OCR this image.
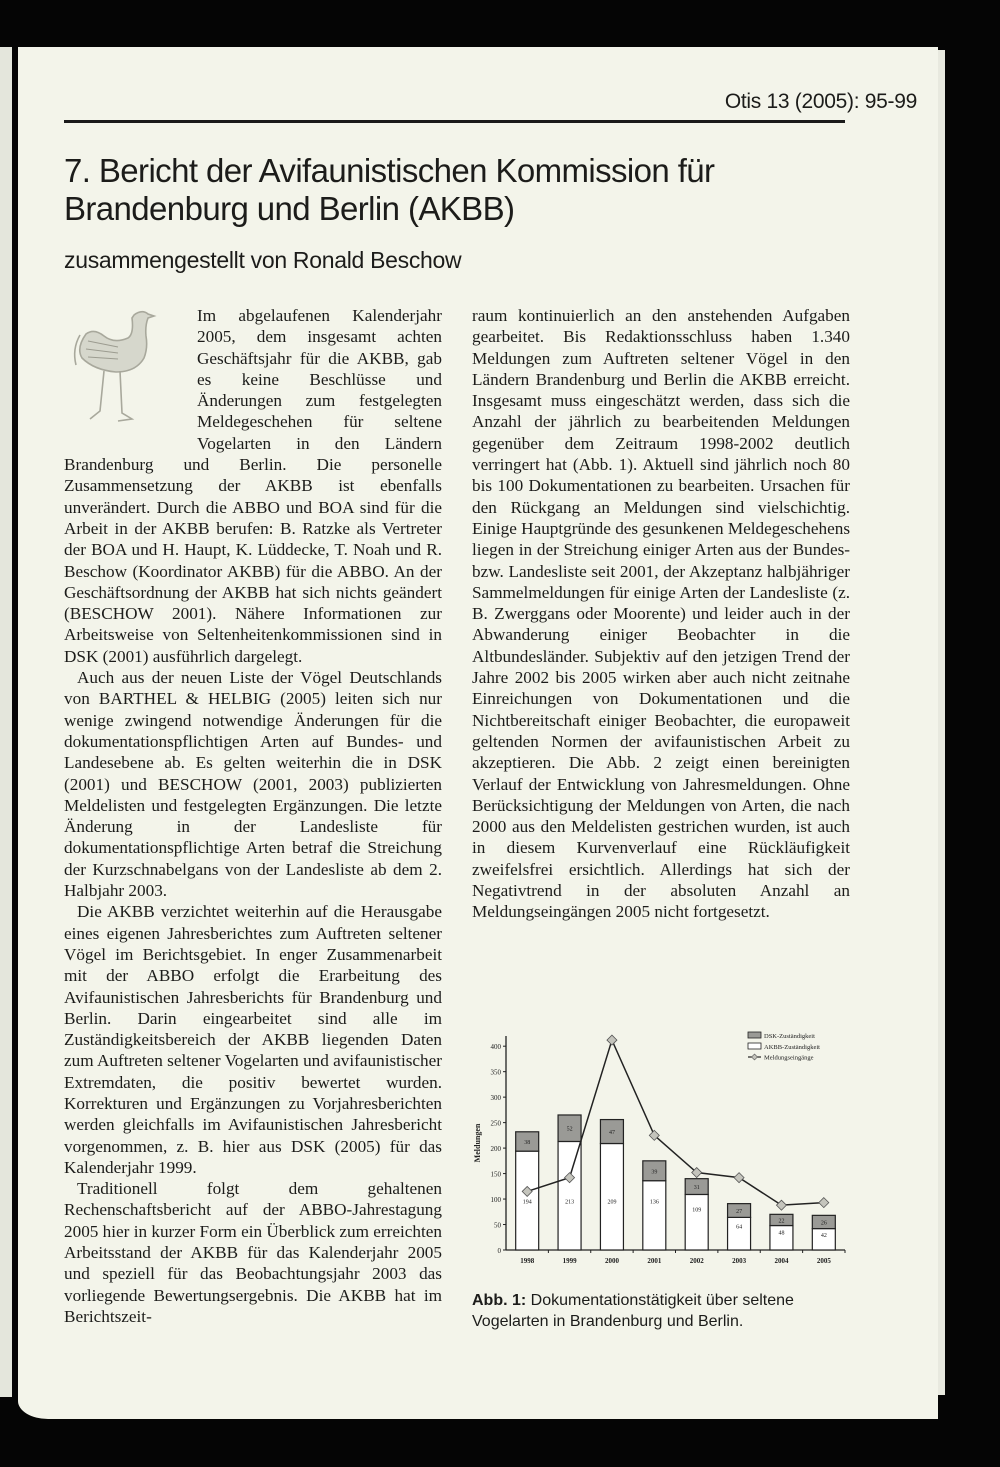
Otis 13 (2005): 95-99
7. Bericht der Avifaunistischen Kommission für Brandenburg und Berlin (AKBB)
zusammengestellt von Ronald Beschow

Im abgelaufenen Kalenderjahr 2005, dem insgesamt achten Geschäftsjahr für die AKBB, gab es keine Beschlüsse und Änderungen zum festgelegten Meldegeschehen für seltene Vogelarten in den Ländern Brandenburg und Berlin. Die personelle Zusammensetzung der AKBB ist ebenfalls unverändert. Durch die ABBO und BOA sind für die Arbeit in der AKBB berufen: B. Ratzke als Vertreter der BOA und H. Haupt, K. Lüddecke, T. Noah und R. Beschow (Koordinator AKBB) für die ABBO. An der Geschäftsordnung der AKBB hat sich nichts geändert (BESCHOW 2001). Nähere Informationen zur Arbeitsweise von Seltenheitenkommissionen sind in DSK (2001) ausführlich dargelegt.

Auch aus der neuen Liste der Vögel Deutschlands von BARTHEL & HELBIG (2005) leiten sich nur wenige zwingend notwendige Änderungen für die dokumentationspflichtigen Arten auf Bundes- und Landesebene ab. Es gelten weiterhin die in DSK (2001) und BESCHOW (2001, 2003) publizierten Meldelisten und festgelegten Ergänzungen. Die letzte Änderung in der Landesliste für dokumentationspflichtige Arten betraf die Streichung der Kurzschnabelgans von der Landesliste ab dem 2. Halbjahr 2003.

Die AKBB verzichtet weiterhin auf die Herausgabe eines eigenen Jahresberichtes zum Auftreten seltener Vögel im Berichtsgebiet. In enger Zusammenarbeit mit der ABBO erfolgt die Erarbeitung des Avifaunistischen Jahresberichts für Brandenburg und Berlin. Darin eingearbeitet sind alle im Zuständigkeitsbereich der AKBB liegenden Daten zum Auftreten seltener Vogelarten und avifaunistischer Extremdaten, die positiv bewertet wurden. Korrekturen und Ergänzungen zu Vorjahresberichten werden gleichfalls im Avifaunistischen Jahresbericht vorgenommen, z. B. hier aus DSK (2005) für das Kalenderjahr 1999.

Traditionell folgt dem gehaltenen Rechenschaftsbericht auf der ABBO-Jahrestagung 2005 hier in kurzer Form ein Überblick zum erreichten Arbeitsstand der AKBB für das Kalenderjahr 2005 und speziell für das Beobachtungsjahr 2003 das vorliegende Bewertungsergebnis. Die AKBB hat im Berichtszeit-

raum kontinuierlich an den anstehenden Aufgaben gearbeitet. Bis Redaktionsschluss haben 1.340 Meldungen zum Auftreten seltener Vögel in den Ländern Brandenburg und Berlin die AKBB erreicht. Insgesamt muss eingeschätzt werden, dass sich die Anzahl der jährlich zu bearbeitenden Meldungen gegenüber dem Zeitraum 1998-2002 deutlich verringert hat (Abb. 1). Aktuell sind jährlich noch 80 bis 100 Dokumentationen zu bearbeiten. Ursachen für den Rückgang an Meldungen sind vielschichtig. Einige Hauptgründe des gesunkenen Meldegeschehens liegen in der Streichung einiger Arten aus der Bundes- bzw. Landesliste seit 2001, der Akzeptanz halbjähriger Sammelmeldungen für einige Arten der Landesliste (z. B. Zwerggans oder Moorente) und leider auch in der Abwanderung einiger Beobachter in die Altbundesländer. Subjektiv auf den jetzigen Trend der Jahre 2002 bis 2005 wirken aber auch nicht zeitnahe Einreichungen von Dokumentationen und die Nichtbereitschaft einiger Beobachter, die europaweit geltenden Normen der avifaunistischen Arbeit zu akzeptieren. Die Abb. 2 zeigt einen bereinigten Verlauf der Entwicklung von Jahresmeldungen. Ohne Berücksichtigung der Meldungen von Arten, die nach 2000 aus den Meldelisten gestrichen wurden, ist auch in diesem Kurvenverlauf eine Rückläufigkeit zweifelsfrei ersichtlich. Allerdings hat sich der Negativtrend in der absoluten Anzahl an Meldungseingängen 2005 nicht fortgesetzt.

0
50
100
150
200
250
300
350
400
Meldungen	38
194
1998
52
213
1999
47
209
2000
39
136
2001
31
109
2002
27
64
2003
22
48
2004
26
42
2005
DSK-Zuständigkeit
AKBB-Zuständigkeit
Meldungseingänge
Abb. 1: Dokumentationstätigkeit über seltene Vogelarten in Brandenburg und Berlin.
